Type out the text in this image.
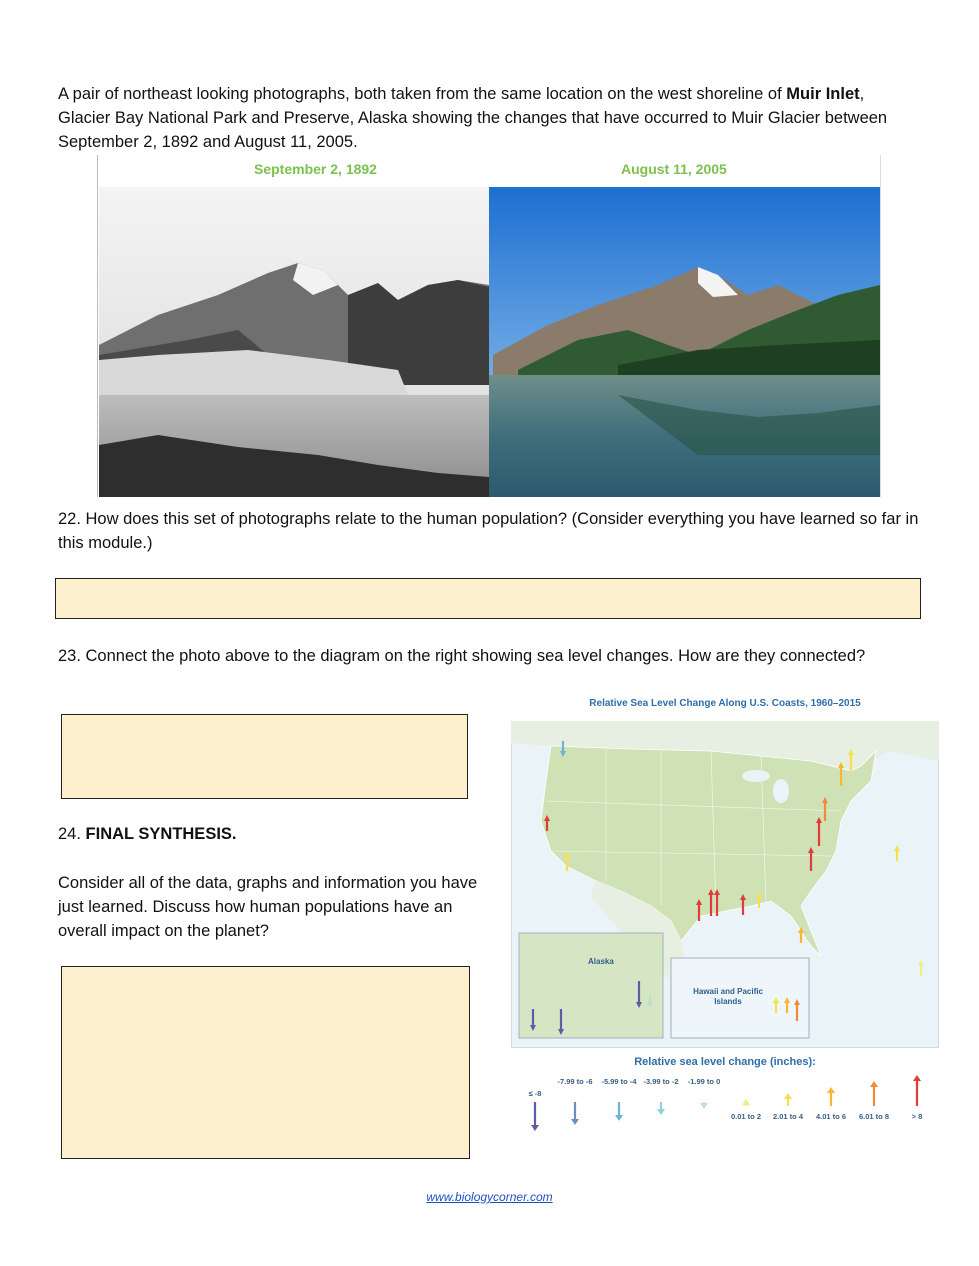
A pair of northeast looking photographs, both taken from the same location on the west shoreline of Muir Inlet, Glacier Bay National Park and Preserve, Alaska showing the changes that have occurred to Muir Glacier between September 2, 1892 and August 11, 2005.
September 2, 1892	August 11, 2005
22. How does this set of photographs relate to the human population? (Consider everything you have learned so far in this module.)
23. Connect the photo above to the diagram on the right showing sea level changes. How are they connected?
24. FINAL SYNTHESIS.
Consider all of the data, graphs and information you have just learned. Discuss how human populations have an overall impact on the planet?
Relative Sea Level Change Along U.S. Coasts, 1960–2015
Alaska
Hawaii and Pacific Islands
Relative sea level change (inches):
≤ -8
-7.99 to -6 -5.99 to -4 -3.99 to -2 -1.99 to 0
0.01 to 2	2.01 to 4	4.01 to 6	6.01 to 8	> 8
www.biologycorner.com
